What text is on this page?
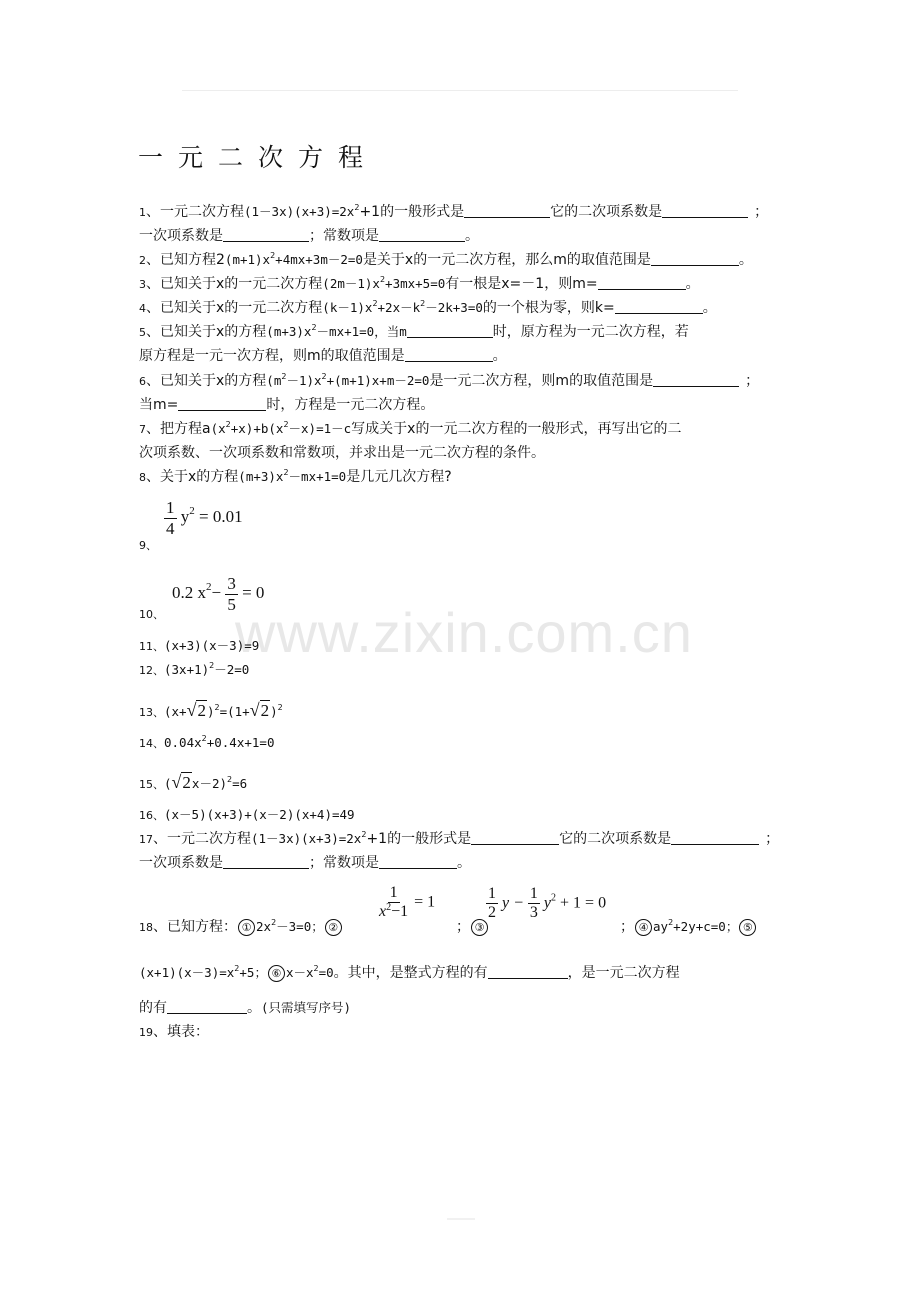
一元二次方程
www.zixin.com.cn
1、一元二次方程$(1-3x)(x+3)=2x^2+1$的一般形式是	它的二次项系数是	；
一次项系数是	；常数项是	。
2、已知方程$2(m+1)x^2+4mx+3m-2=0$是关于x的一元二次方程，那么m的取值范围是	。
3、已知关于x的一元二次方程$(2m-1)x^2+3mx+5=0$有一根是x=－1，则m=	。
4、已知关于x的一元二次方程$(k-1)x^2+2x-k^2-2k+3=0$的一个根为零，则k=	。
5、已知关于x的方程$(m+3)x^2-mx+1=0$，当m	时，原方程为一元二次方程，若
原方程是一元一次方程，则m的取值范围是	。
6、已知关于x的方程$(m^2-1)x^2+(m+1)x+m-2=0$是一元二次方程，则m的取值范围是	；
当m=	时，方程是一元二次方程。
7、把方程$a(x^2+x)+b(x^2-x)=1-c$写成关于x的一元二次方程的一般形式，再写出它的二
次项系数、一次项系数和常数项，并求出是一元二次方程的条件。
8、关于x的方程$(m+3)x^2-mx+1=0$是几元几次方程?
9、
$\frac{1}{4} y^2 = 0.01$
10、
0.2 $x^2- \frac{3}{5} = 0$
11、(x+3)(x－3)=9
12、$(3x+1)^2-2=0$
13、$(x+√2)^2=(1+√2)^2$
14、$0.04x^2+0.4x+1=0$
15、$(√2x-2)^2=6$
16、(x－5)(x+3)+(x－2)(x+4)=49
17、一元二次方程$(1-3x)(x+3)=2x^2+1$的一般形式是	它的二次项系数是	；
一次项系数是	；常数项是	。
18、已知方程： ① $2x^2-3=0$； ②
$\frac{1}{x^2-1} = 1$
； ③
$\frac{1}{2}$ $y - \frac{1}{3} y^2 + 1 = 0$
； ④ $ay^2+2y+c=0$； ⑤
$(x+1)(x-3)=x^2+5$； ⑥ $x-x^2=0$。其中，是整式方程的有	，是一元二次方程
的有	。(只需填写序号)
19、填表：
